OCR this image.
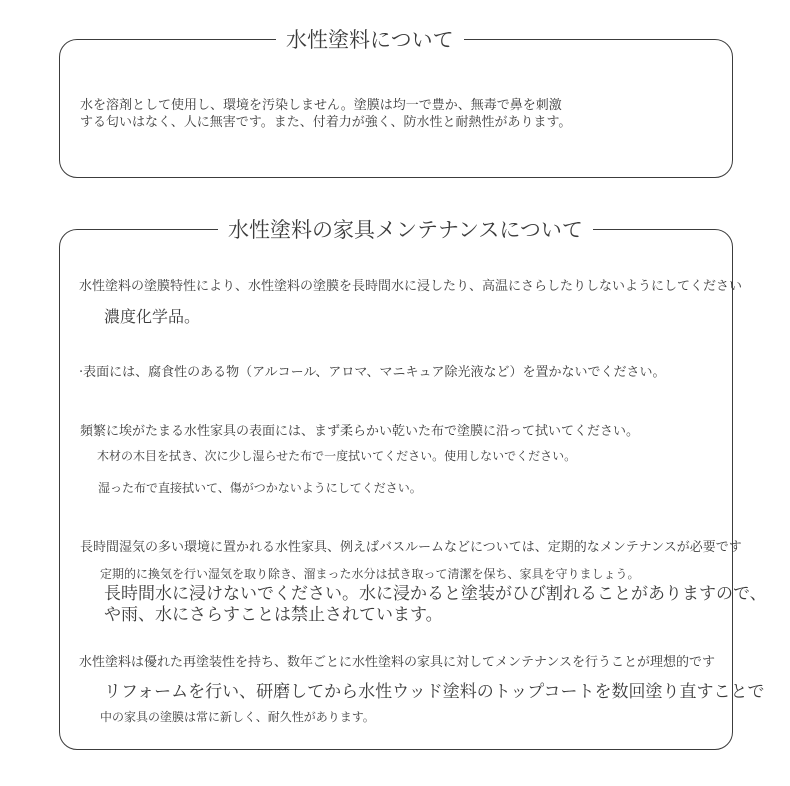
水性塗料について
水を溶剤として使用し、環境を汚染しません。塗膜は均一で豊か、無毒で鼻を刺激
する匂いはなく、人に無害です。また、付着力が強く、防水性と耐熱性があります。
水性塗料の家具メンテナンスについて
水性塗料の塗膜特性により、水性塗料の塗膜を長時間水に浸したり、高温にさらしたりしないようにしてください
濃度化学品。
·表面には、腐食性のある物（アルコール、アロマ、マニキュア除光液など）を置かないでください。
頻繁に埃がたまる水性家具の表面には、まず柔らかい乾いた布で塗膜に沿って拭いてください。
木材の木目を拭き、次に少し湿らせた布で一度拭いてください。使用しないでください。
湿った布で直接拭いて、傷がつかないようにしてください。
長時間湿気の多い環境に置かれる水性家具、例えばバスルームなどについては、定期的なメンテナンスが必要です
定期的に換気を行い湿気を取り除き、溜まった水分は拭き取って清潔を保ち、家具を守りましょう。
長時間水に浸けないでください。水に浸かると塗装がひび割れることがありますので、
や雨、水にさらすことは禁止されています。
水性塗料は優れた再塗装性を持ち、数年ごとに水性塗料の家具に対してメンテナンスを行うことが理想的です
リフォームを行い、研磨してから水性ウッド塗料のトップコートを数回塗り直すことで
中の家具の塗膜は常に新しく、耐久性があります。
